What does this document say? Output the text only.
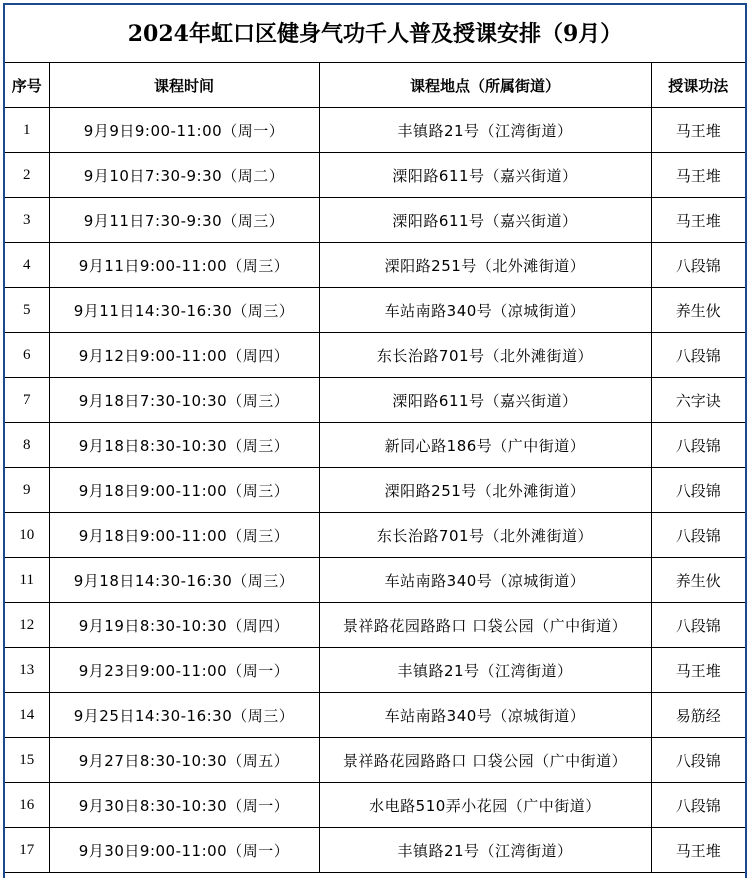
2024年虹口区健身气功千人普及授课安排（9月）
序号	课程时间	课程地点（所属街道）	授课功法
1	9月9日9:00-11:00（周一）	丰镇路21号（江湾街道）	马王堆
2	9月10日7:30-9:30（周二）	溧阳路611号（嘉兴街道）	马王堆
3	9月11日7:30-9:30（周三）	溧阳路611号（嘉兴街道）	马王堆
4	9月11日9:00-11:00（周三）	溧阳路251号（北外滩街道）	八段锦
5	9月11日14:30-16:30（周三）	车站南路340号（凉城街道）	养生伙
6	9月12日9:00-11:00（周四）	东长治路701号（北外滩街道）	八段锦
7	9月18日7:30-10:30（周三）	溧阳路611号（嘉兴街道）	六字诀
8	9月18日8:30-10:30（周三）	新同心路186号（广中街道）	八段锦
9	9月18日9:00-11:00（周三）	溧阳路251号（北外滩街道）	八段锦
10	9月18日9:00-11:00（周三）	东长治路701号（北外滩街道）	八段锦
11	9月18日14:30-16:30（周三）	车站南路340号（凉城街道）	养生伙
12	9月19日8:30-10:30（周四）	景祥路花园路路口 口袋公园（广中街道）	八段锦
13	9月23日9:00-11:00（周一）	丰镇路21号（江湾街道）	马王堆
14	9月25日14:30-16:30（周三）	车站南路340号（凉城街道）	易筋经
15	9月27日8:30-10:30（周五）	景祥路花园路路口 口袋公园（广中街道）	八段锦
16	9月30日8:30-10:30（周一）	水电路510弄小花园（广中街道）	八段锦
17	9月30日9:00-11:00（周一）	丰镇路21号（江湾街道）	马王堆
